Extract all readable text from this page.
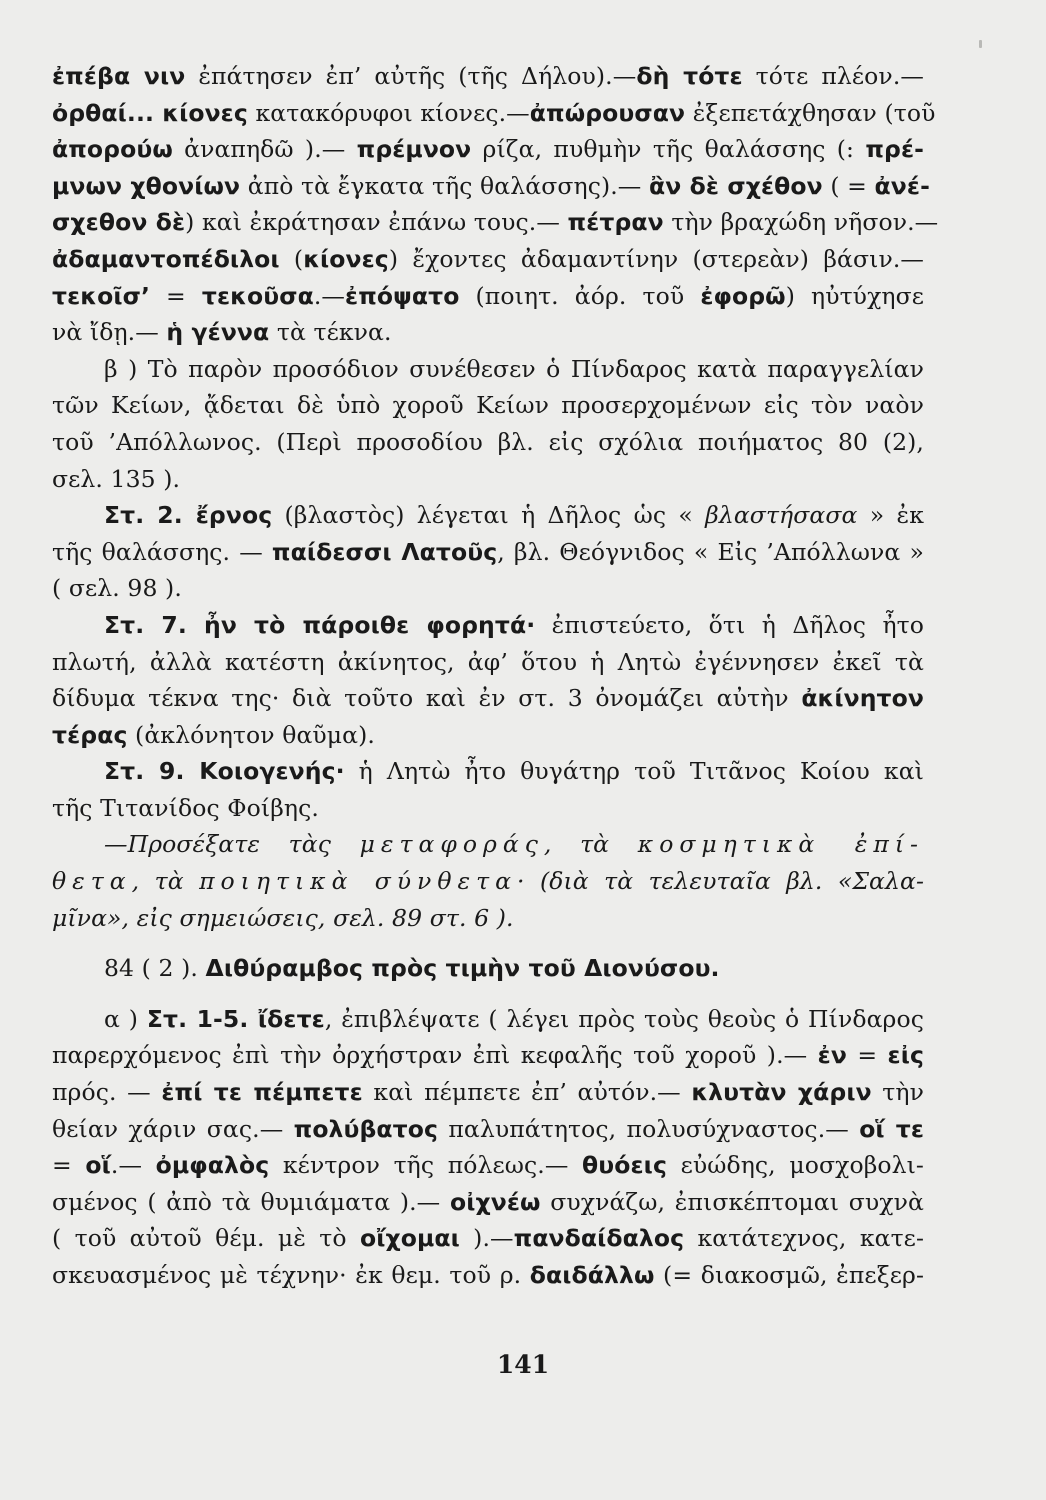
ἐπέβα νιν ἐπάτησεν ἐπ’ αὐτῆς (τῆς Δήλου).—δὴ τότε τότε πλέον.—
ὀρθαί... κίονες κατακόρυφοι κίονες.—ἀπώρουσαν ἐξεπετάχθησαν (τοῦ
ἀπορούω ἀναπηδῶ ).— πρέμνον ρίζα, πυθμὴν τῆς θαλάσσης (: πρέ-
μνων χθονίων ἀπὸ τὰ ἔγκατα τῆς θαλάσσης).— ἂν δὲ σχέθον ( = ἀνέ-
σχεθον δὲ) καὶ ἐκράτησαν ἐπάνω τους.— πέτραν τὴν βραχώδη νῆσον.—
ἀδαμαντοπέδιλοι (κίονες) ἔχοντες ἀδαμαντίνην (στερεὰν) βάσιν.—
τεκοῖσ’ = τεκοῦσα.—ἐπόψατο (ποιητ. ἀόρ. τοῦ ἐφορῶ) ηὐτύχησε
νὰ ἴδῃ.— ἡ γέννα τὰ τέκνα.
β ) Τὸ παρὸν προσόδιον συνέθεσεν ὁ Πίνδαρος κατὰ παραγγελίαν
τῶν Κείων, ᾄδεται δὲ ὑπὸ χοροῦ Κείων προσερχομένων εἰς τὸν ναὸν
τοῦ ’Απόλλωνος. (Περὶ προσοδίου βλ. εἰς σχόλια ποιήματος 80 (2),
σελ. 135 ).
Στ. 2. ἔρνος (βλαστὸς) λέγεται ἡ Δῆλος ὡς « βλαστήσασα » ἐκ
τῆς θαλάσσης. — παίδεσσι Λατοῦς, βλ. Θεόγνιδος « Εἰς ’Απόλλωνα »
( σελ. 98 ).
Στ. 7. ἦν τὸ πάροιθε φορητά· ἐπιστεύετο, ὅτι ἡ Δῆλος ἦτο
πλωτή, ἀλλὰ κατέστη ἀκίνητος, ἀφ’ ὅτου ἡ Λητὼ ἐγέννησεν ἐκεῖ τὰ
δίδυμα τέκνα της· διὰ τοῦτο καὶ ἐν στ. 3 ὀνομάζει αὐτὴν ἀκίνητον
τέρας (ἀκλόνητον θαῦμα).
Στ. 9. Κοιογενής· ἡ Λητὼ ἦτο θυγάτηρ τοῦ Τιτᾶνος Κοίου καὶ
τῆς Τιτανίδος Φοίβης.
—Προσέξατε τὰς μεταφοράς, τὰ κοσμητικὰ ἐπί-
θετα, τὰ ποιητικὰ σύνθετα· (διὰ τὰ τελευταῖα βλ. «Σαλα-
μῖνα», εἰς σημειώσεις, σελ. 89 στ. 6 ).
84 ( 2 ). Διθύραμβος πρὸς τιμὴν τοῦ Διονύσου.
α ) Στ. 1-5. ἴδετε, ἐπιβλέψατε ( λέγει πρὸς τοὺς θεοὺς ὁ Πίνδαρος
παρερχόμενος ἐπὶ τὴν ὀρχήστραν ἐπὶ κεφαλῆς τοῦ χοροῦ ).— ἐν = εἰς
πρός. — ἐπί τε πέμπετε καὶ πέμπετε ἐπ’ αὐτόν.— κλυτὰν χάριν τὴν
θείαν χάριν σας.— πολύβατος παλυπάτητος, πολυσύχναστος.— οἵ τε
= οἵ.— ὀμφαλὸς κέντρον τῆς πόλεως.— θυόεις εὐώδης, μοσχοβολι-
σμένος ( ἀπὸ τὰ θυμιάματα ).— οἰχνέω συχνάζω, ἐπισκέπτομαι συχνὰ
( τοῦ αὐτοῦ θέμ. μὲ τὸ οἴχομαι ).—πανδαίδαλος κατάτεχνος, κατε-
σκευασμένος μὲ τέχνην· ἐκ θεμ. τοῦ ρ. δαιδάλλω (= διακοσμῶ, ἐπεξερ-
141
